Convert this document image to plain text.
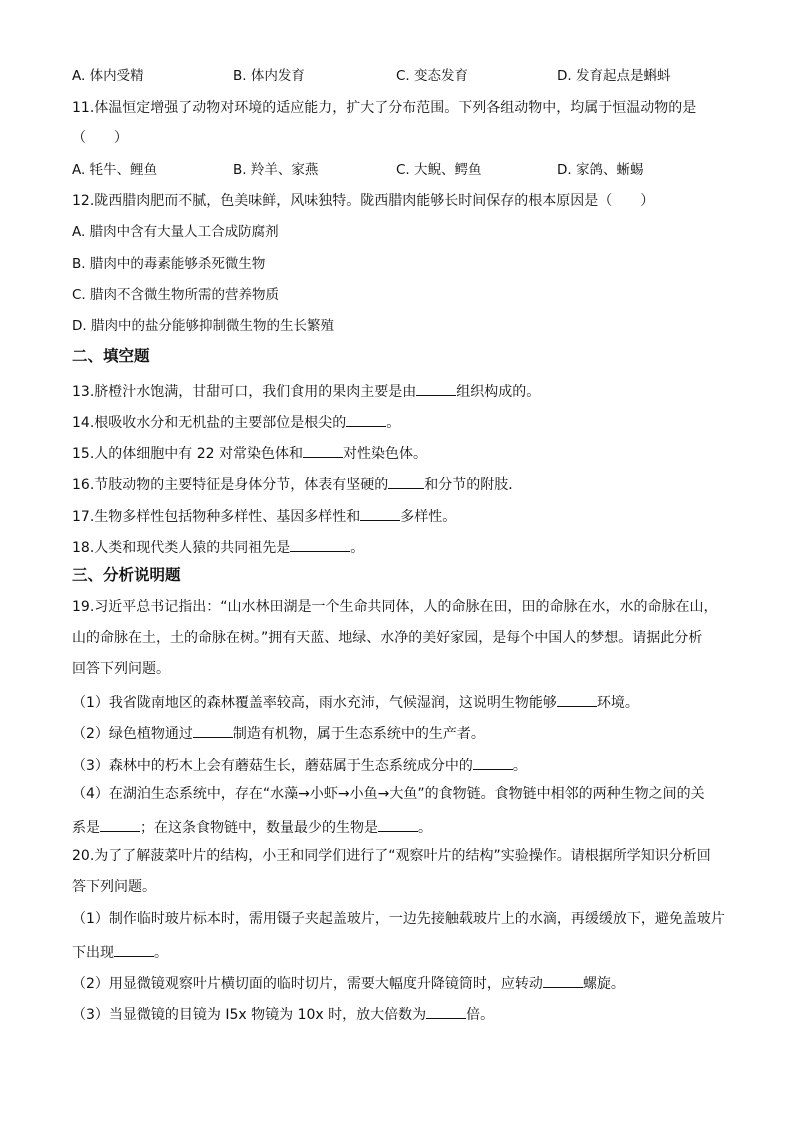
A. 体内受精	B. 体内发育	C. 变态发育	D. 发育起点是蝌蚪
11.体温恒定增强了动物对环境的适应能力，扩大了分布范围。下列各组动物中，均属于恒温动物的是
（　　）
A. 牦牛、鲤鱼	B. 羚羊、家燕	C. 大鲵、鳄鱼	D. 家鸽、蜥蜴
12.陇西腊肉肥而不腻，色美味鲜，风味独特。陇西腊肉能够长时间保存的根本原因是（　　）
A. 腊肉中含有大量人工合成防腐剂
B. 腊肉中的毒素能够杀死微生物
C. 腊肉不含微生物所需的营养物质
D. 腊肉中的盐分能够抑制微生物的生长繁殖
二、填空题
13.脐橙汁水饱满，甘甜可口，我们食用的果肉主要是由	组织构成的。
14.根吸收水分和无机盐的主要部位是根尖的	。
15.人的体细胞中有 22 对常染色体和	对性染色体。
16.节肢动物的主要特征是身体分节，体表有坚硬的	和分节的附肢．
17.生物多样性包括物种多样性、基因多样性和	多样性。
18.人类和现代类人猿的共同祖先是	。
三、分析说明题
19.习近平总书记指出：“山水林田湖是一个生命共同体，人的命脉在田，田的命脉在水，水的命脉在山，
山的命脉在土，土的命脉在树。”拥有天蓝、地绿、水净的美好家园，是每个中国人的梦想。请据此分析
回答下列问题。
（1）我省陇南地区的森林覆盖率较高，雨水充沛，气候湿润，这说明生物能够	环境。
（2）绿色植物通过	制造有机物，属于生态系统中的生产者。
（3）森林中的朽木上会有蘑菇生长，蘑菇属于生态系统成分中的	。
（4）在湖泊生态系统中，存在“水藻→小虾→小鱼→大鱼”的食物链。食物链中相邻的两种生物之间的关
系是	；在这条食物链中，数量最少的生物是	。
20.为了了解菠菜叶片的结构，小王和同学们进行了“观察叶片的结构”实验操作。请根据所学知识分析回
答下列问题。
（1）制作临时玻片标本时，需用镊子夹起盖玻片，一边先接触载玻片上的水滴，再缓缓放下，避免盖玻片
下出现	。
（2）用显微镜观察叶片横切面的临时切片，需要大幅度升降镜筒时，应转动	螺旋。
（3）当显微镜的目镜为 I5x 物镜为 10x 时，放大倍数为	倍。
